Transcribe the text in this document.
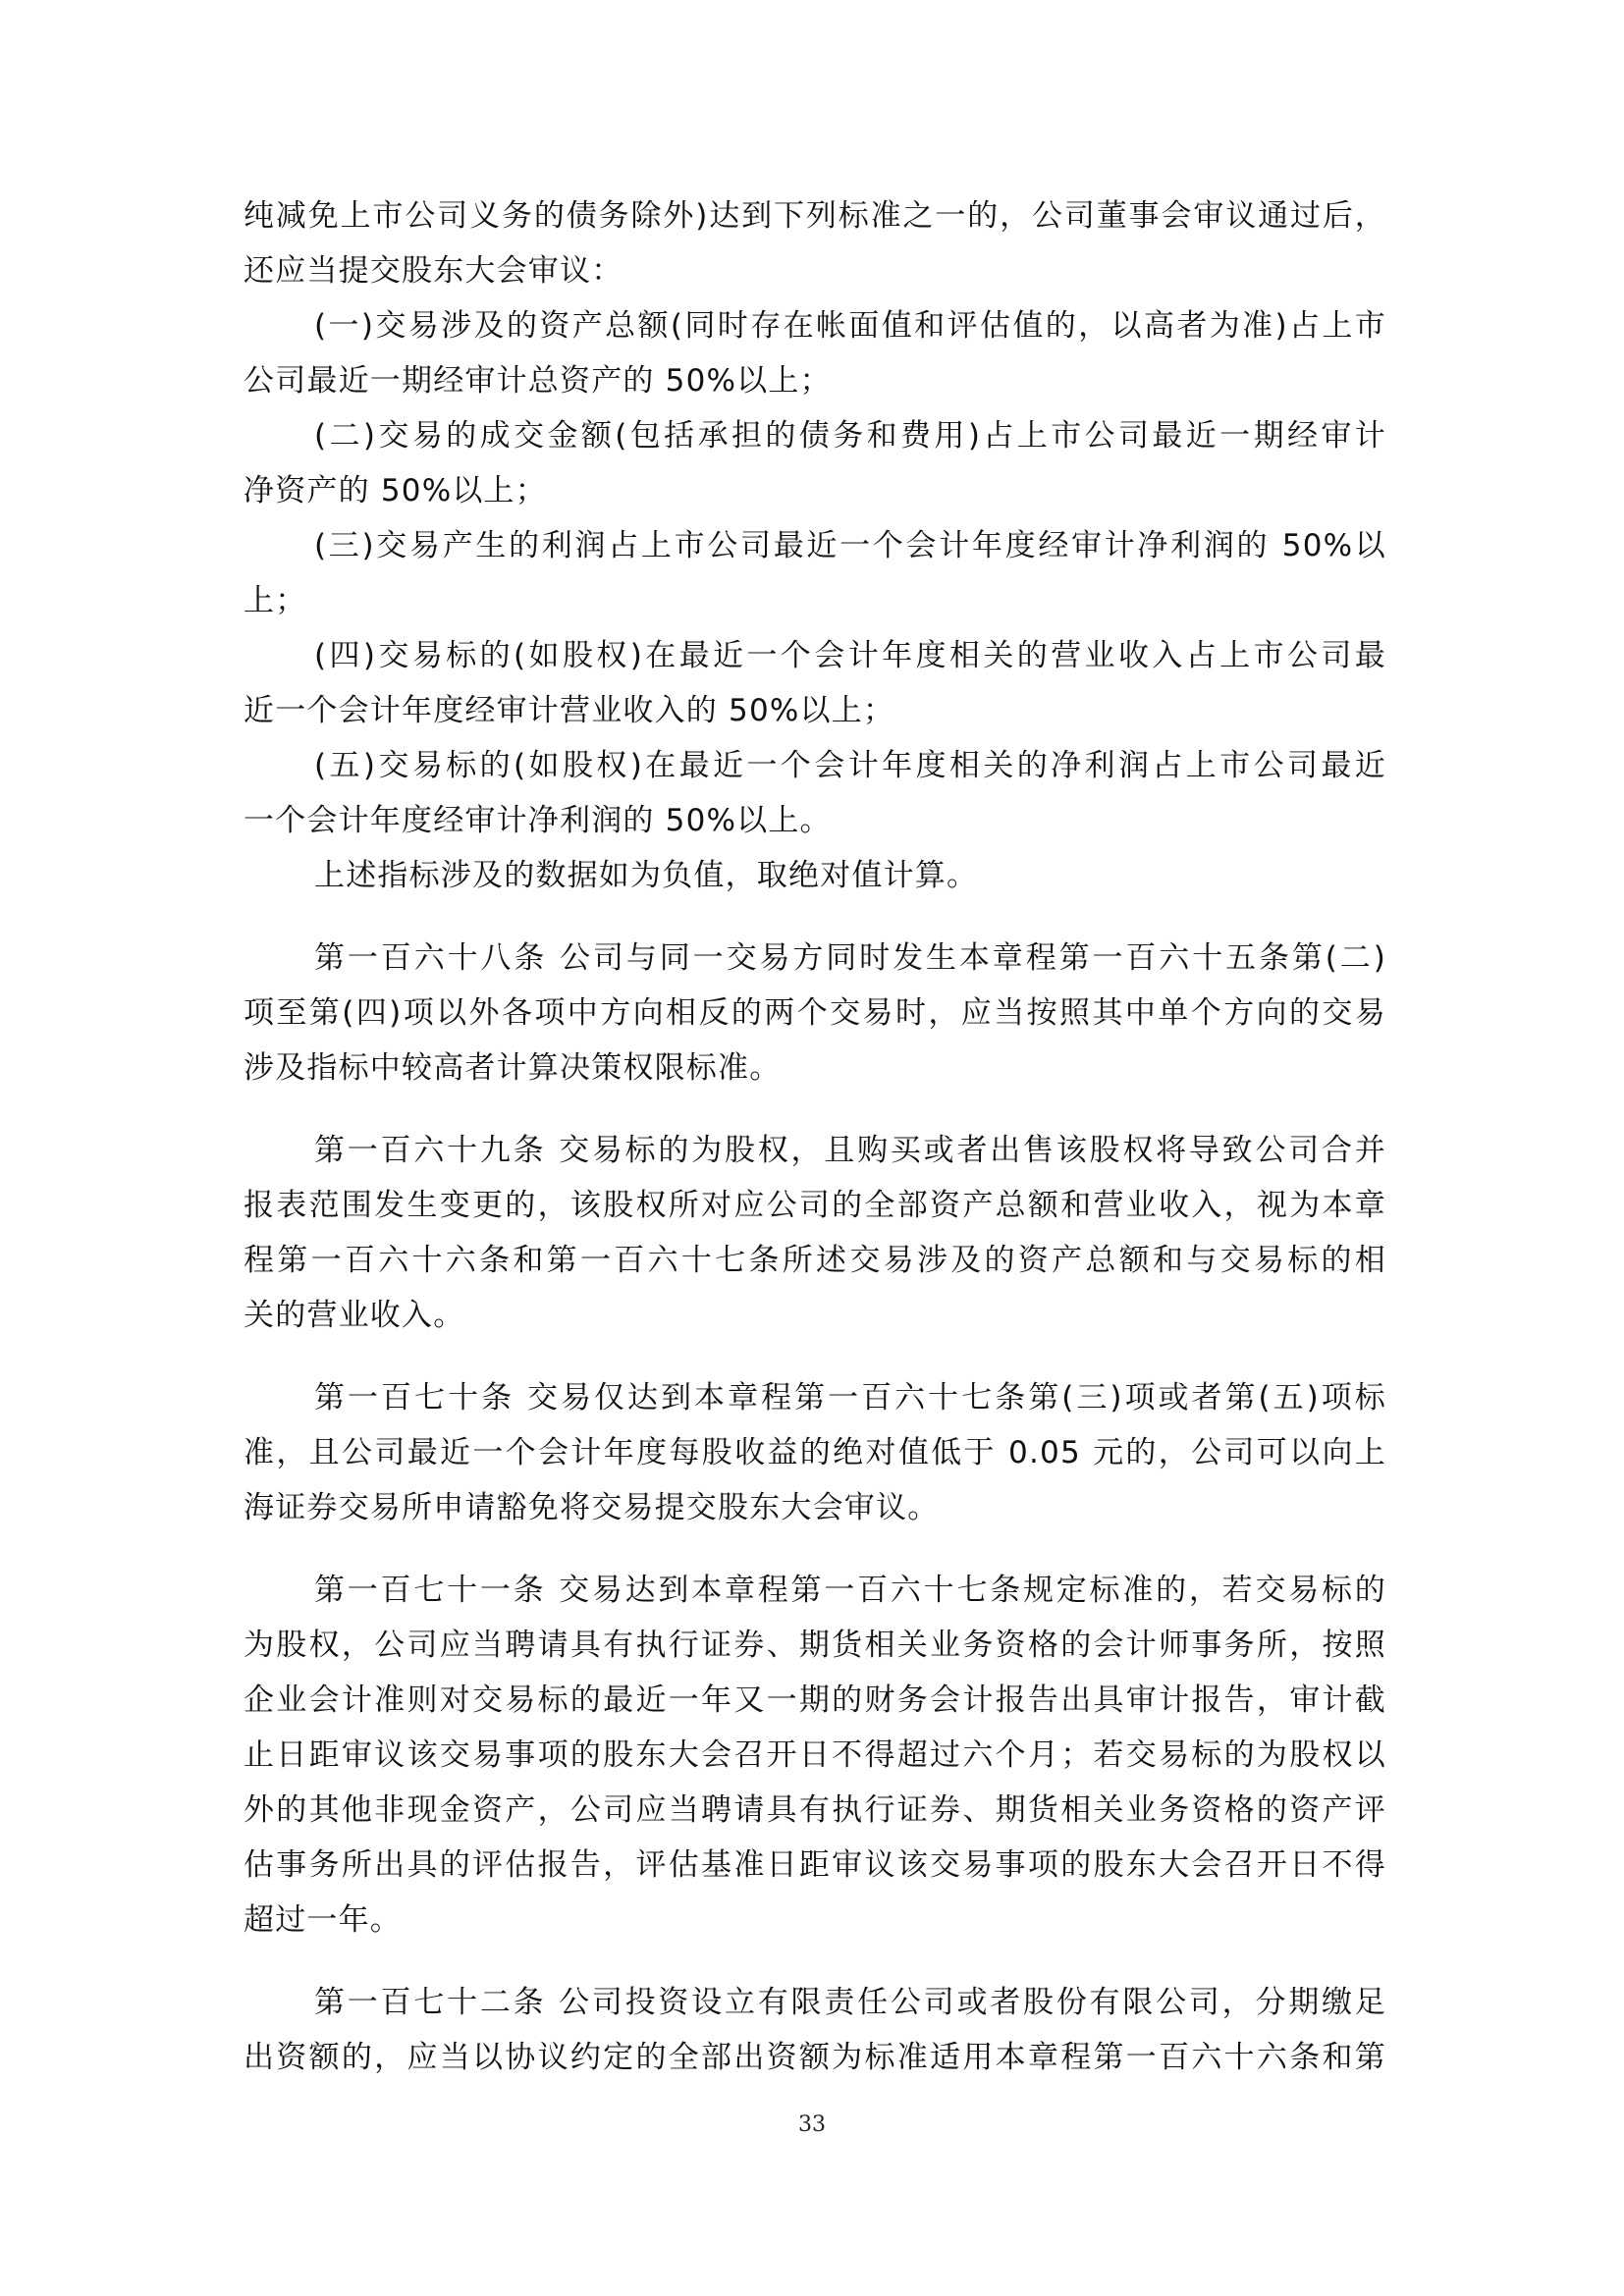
纯减免上市公司义务的债务除外)达到下列标准之一的，公司董事会审议通过后，
还应当提交股东大会审议：
(一)交易涉及的资产总额(同时存在帐面值和评估值的，以高者为准)占上市
公司最近一期经审计总资产的 50%以上；
(二)交易的成交金额(包括承担的债务和费用)占上市公司最近一期经审计
净资产的 50%以上；
(三)交易产生的利润占上市公司最近一个会计年度经审计净利润的 50%以
上；
(四)交易标的(如股权)在最近一个会计年度相关的营业收入占上市公司最
近一个会计年度经审计营业收入的 50%以上；
(五)交易标的(如股权)在最近一个会计年度相关的净利润占上市公司最近
一个会计年度经审计净利润的 50%以上。
上述指标涉及的数据如为负值，取绝对值计算。
第一百六十八条 公司与同一交易方同时发生本章程第一百六十五条第(二)
项至第(四)项以外各项中方向相反的两个交易时，应当按照其中单个方向的交易
涉及指标中较高者计算决策权限标准。
第一百六十九条 交易标的为股权，且购买或者出售该股权将导致公司合并
报表范围发生变更的，该股权所对应公司的全部资产总额和营业收入，视为本章
程第一百六十六条和第一百六十七条所述交易涉及的资产总额和与交易标的相
关的营业收入。
第一百七十条 交易仅达到本章程第一百六十七条第(三)项或者第(五)项标
准，且公司最近一个会计年度每股收益的绝对值低于 0.05 元的，公司可以向上
海证券交易所申请豁免将交易提交股东大会审议。
第一百七十一条 交易达到本章程第一百六十七条规定标准的，若交易标的
为股权，公司应当聘请具有执行证券、期货相关业务资格的会计师事务所，按照
企业会计准则对交易标的最近一年又一期的财务会计报告出具审计报告，审计截
止日距审议该交易事项的股东大会召开日不得超过六个月；若交易标的为股权以
外的其他非现金资产，公司应当聘请具有执行证券、期货相关业务资格的资产评
估事务所出具的评估报告，评估基准日距审议该交易事项的股东大会召开日不得
超过一年。
第一百七十二条 公司投资设立有限责任公司或者股份有限公司，分期缴足
出资额的，应当以协议约定的全部出资额为标准适用本章程第一百六十六条和第
33
